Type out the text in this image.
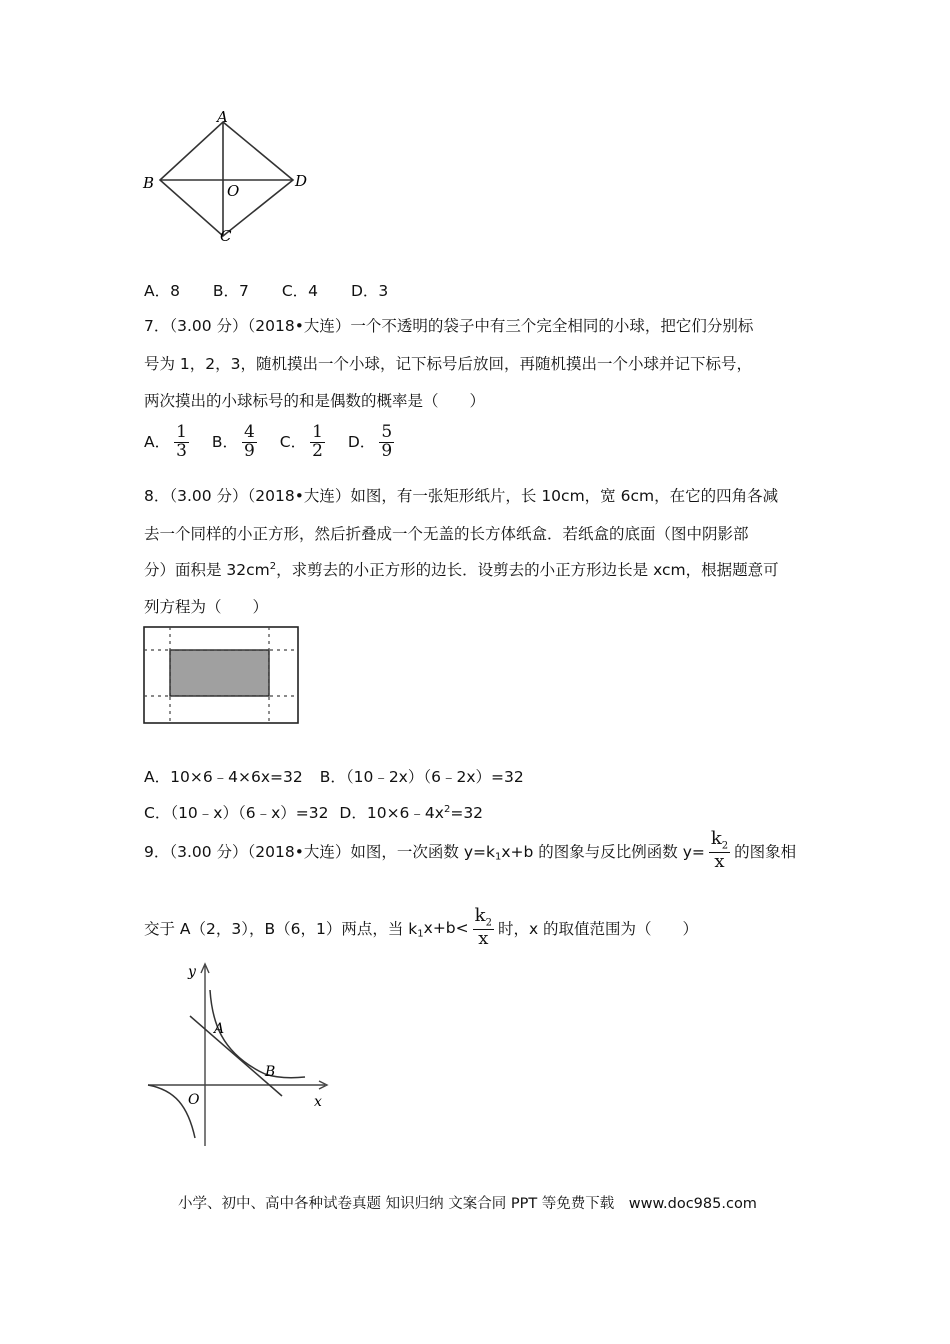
A
B	O
D
C
A．8 B．7 C．4 D．3
7．（3.00 分）（2018•大连）一个不透明的袋子中有三个完全相同的小球，把它们分别标
号为 1，2，3，随机摸出一个小球，记下标号后放回，再随机摸出一个小球并记下标号，
两次摸出的小球标号的和是偶数的概率是（　　）
A． $\frac{1}{3}$ B． $\frac{4}{9}$ C． $\frac{1}{2}$ D． $\frac{5}{9}$
8．（3.00 分）（2018•大连）如图，有一张矩形纸片，长 10cm，宽 6cm，在它的四角各减
去一个同样的小正方形，然后折叠成一个无盖的长方体纸盒．若纸盒的底面（图中阴影部
分）面积是 $32cm^2$，求剪去的小正方形的边长．设剪去的小正方形边长是 xcm，根据题意可
列方程为（　　）
A．10×6﹣4×6x=32 B．（10﹣2x）（6﹣2x）=32
C．（10﹣x）（6﹣x）=32 D．$10\times 6﹣4x^2=32$
9．（3.00 分）（2018•大连）如图，一次函数 $y=k_1x+b$ 的图象与反比例函数 $y= \frac{k_2}{x}$ 的图象相
交于 A（2，3），B（6，1）两点，当 $k_1x+b< \frac{k_2}{x}$ 时，x 的取值范围为（　　）
y
x
O
A
B
小学、初中、高中各种试卷真题 知识归纳 文案合同 PPT 等免费下载　www.doc985.com
